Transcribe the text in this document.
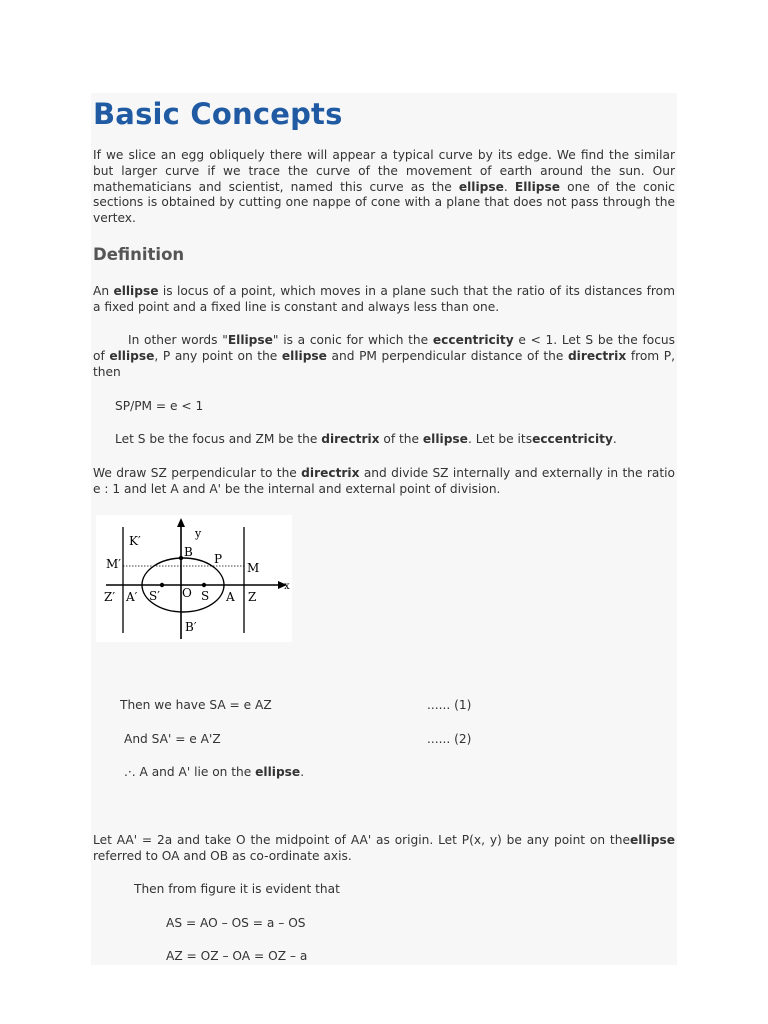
Basic Concepts

If we slice an egg obliquely there will appear a typical curve by its edge. We find the similar but larger curve if we trace the curve of the movement of earth around the sun. Our mathematicians and scientist, named this curve as the ellipse. Ellipse one of the conic sections is obtained by cutting one nappe of cone with a plane that does not pass through the vertex.

Definition

An ellipse is locus of a point, which moves in a plane such that the ratio of its distances from a fixed point and a fixed line is constant and always less than one.

In other words "Ellipse" is a conic for which the eccentricity e < 1. Let S be the focus of ellipse, P any point on the ellipse and PM perpendicular distance of the directrix from P, then

SP/PM = e < 1
Let S be the focus and ZM be the directrix of the ellipse. Let be itseccentricity.

We draw SZ perpendicular to the directrix and divide SZ internally and externally in the ratio e : 1 and let A and A' be the internal and external point of division.

y
x
K′
B P
M′	M
Z′ A′ S′ O S A Z
B′
Then we have SA = e AZ	...... (1)
And SA' = e A'Z	...... (2)
.·. A and A' lie on the ellipse.

Let AA' = 2a and take O the midpoint of AA' as origin. Let P(x, y) be any point on theellipse referred to OA and OB as co-ordinate axis.

Then from figure it is evident that
AS = AO – OS = a – OS
AZ = OZ – OA = OZ – a
